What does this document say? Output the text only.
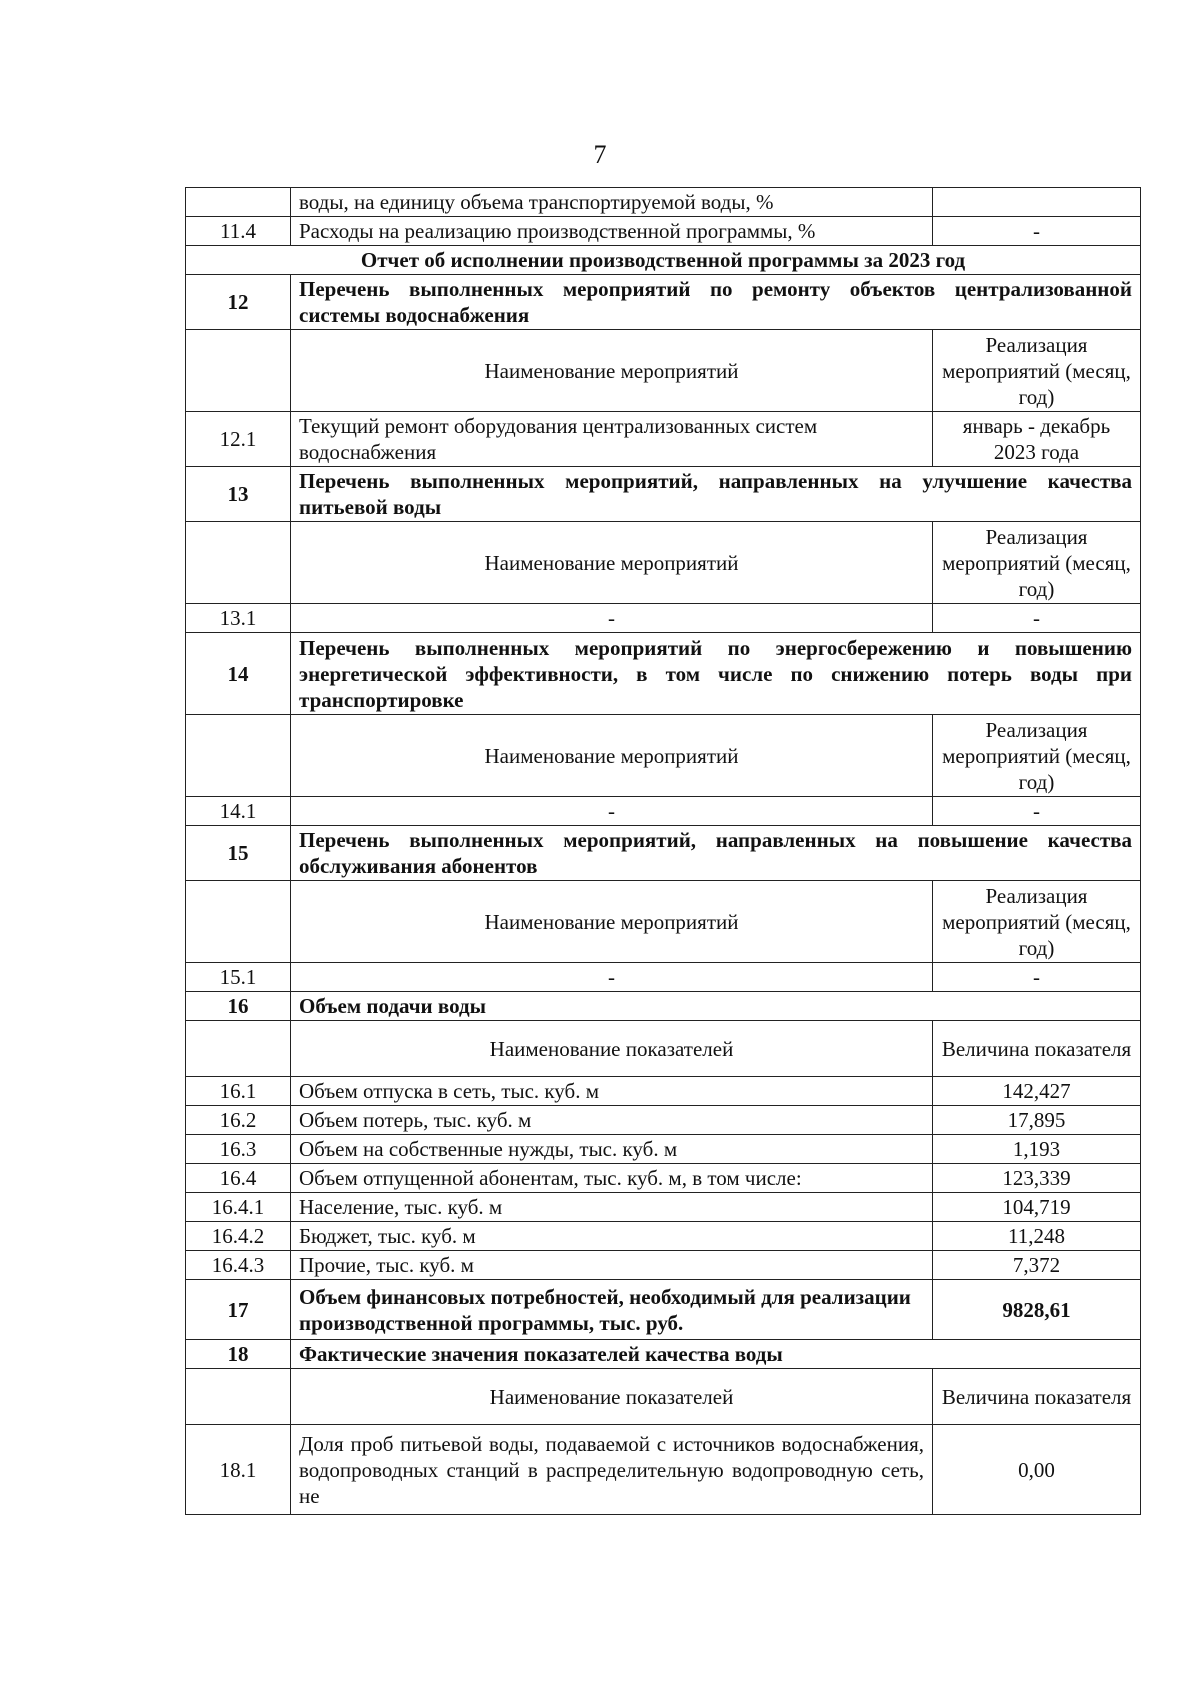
7
	воды, на единицу объема транспортируемой воды, %	
11.4	Расходы на реализацию производственной программы, %	-
Отчет об исполнении производственной программы за 2023 год		
12	Перечень выполненных мероприятий по ремонту объектов централизованной системы водоснабжения	
	Наименование мероприятий	Реализация мероприятий (месяц, год)
12.1	Текущий ремонт оборудования централизованных систем водоснабжения	январь - декабрь 2023 года
13	Перечень выполненных мероприятий, направленных на улучшение качества питьевой воды	
	Наименование мероприятий	Реализация мероприятий (месяц, год)
13.1	-	-
14	Перечень выполненных мероприятий по энергосбережению и повышению энергетической эффективности, в том числе по снижению потерь воды при транспортировке	
	Наименование мероприятий	Реализация мероприятий (месяц, год)
14.1	-	-
15	Перечень выполненных мероприятий, направленных на повышение качества обслуживания абонентов	
	Наименование мероприятий	Реализация мероприятий (месяц, год)
15.1	-	-
16	Объем подачи воды	
	Наименование показателей	Величина показателя
16.1	Объем отпуска в сеть, тыс. куб. м	142,427
16.2	Объем потерь, тыс. куб. м	17,895
16.3	Объем на собственные нужды, тыс. куб. м	1,193
16.4	Объем отпущенной абонентам, тыс. куб. м, в том числе:	123,339
16.4.1	Население, тыс. куб. м	104,719
16.4.2	Бюджет, тыс. куб. м	11,248
16.4.3	Прочие, тыс. куб. м	7,372
17	Объем финансовых потребностей, необходимый для реализации производственной программы, тыс. руб.	9828,61
18	Фактические значения показателей качества воды	
	Наименование показателей	Величина показателя
18.1	Доля проб питьевой воды, подаваемой с источников водоснабжения, водопроводных станций в распределительную водопроводную сеть, не	0,00
